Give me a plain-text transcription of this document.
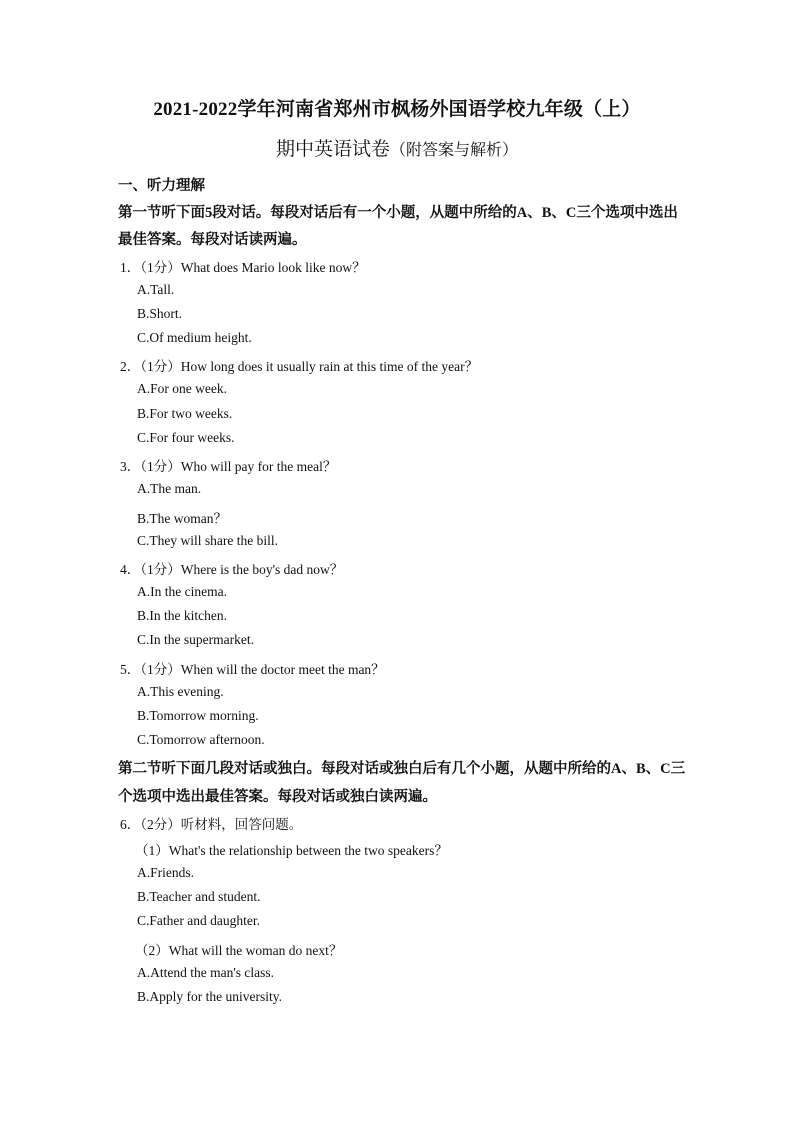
2021-2022学年河南省郑州市枫杨外国语学校九年级（上）
期中英语试卷（附答案与解析）
一、听力理解
第一节听下面5段对话。每段对话后有一个小题，从题中所给的A、B、C三个选项中选出
最佳答案。每段对话读两遍。
1．（1分）What does Mario look like now？
A.Tall.
B.Short.
C.Of medium height.
2．（1分）How long does it usually rain at this time of the year？
A.For one week.
B.For two weeks.
C.For four weeks.
3．（1分）Who will pay for the meal？
A.The man.
B.The woman？
C.They will share the bill.
4．（1分）Where is the boy's dad now？
A.In the cinema.
B.In the kitchen.
C.In the supermarket.
5．（1分）When will the doctor meet the man？
A.This evening.
B.Tomorrow morning.
C.Tomorrow afternoon.
第二节听下面几段对话或独白。每段对话或独白后有几个小题，从题中所给的A、B、C三
个选项中选出最佳答案。每段对话或独白读两遍。
6．（2分）听材料，回答问题。
（1）What's the relationship between the two speakers？
A.Friends.
B.Teacher and student.
C.Father and daughter.
（2）What will the woman do next？
A.Attend the man's class.
B.Apply for the university.
